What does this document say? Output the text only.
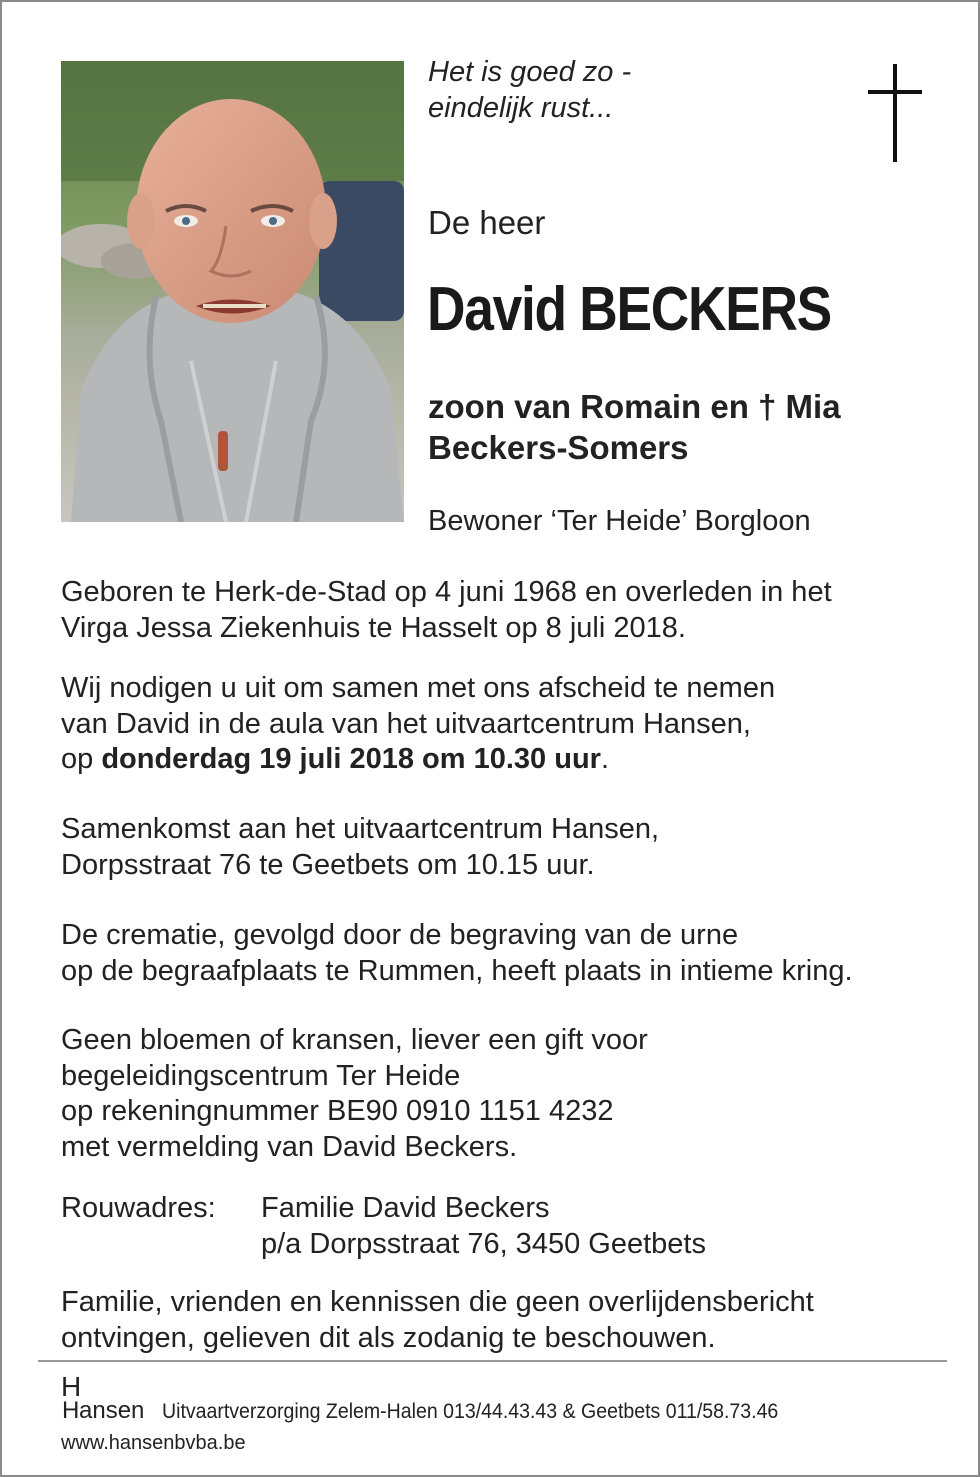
Het is goed zo -
eindelijk rust...
De heer
David BECKERS
zoon van Romain en † Mia
Beckers-Somers
Bewoner ‘Ter Heide’ Borgloon
Geboren te Herk-de-Stad op 4 juni 1968 en overleden in het
Virga Jessa Ziekenhuis te Hasselt op 8 juli 2018.
Wij nodigen u uit om samen met ons afscheid te nemen
van David in de aula van het uitvaartcentrum Hansen,
op donderdag 19 juli 2018 om 10.30 uur.
Samenkomst aan het uitvaartcentrum Hansen,
Dorpsstraat 76 te Geetbets om 10.15 uur.
De crematie, gevolgd door de begraving van de urne
op de begraafplaats te Rummen, heeft plaats in intieme kring.
Geen bloemen of kransen, liever een gift voor
begeleidingscentrum Ter Heide
op rekeningnummer BE90 0910 1151 4232
met vermelding van David Beckers.
Rouwadres: Familie David Beckers
p/a Dorpsstraat 76, 3450 Geetbets
Familie, vrienden en kennissen die geen overlijdensbericht
ontvingen, gelieven dit als zodanig te beschouwen.
H
H ansen Uitvaartverzorging Zelem-Halen 013/44.43.43 & Geetbets 011/58.73.46
www.hansenbvba.be
